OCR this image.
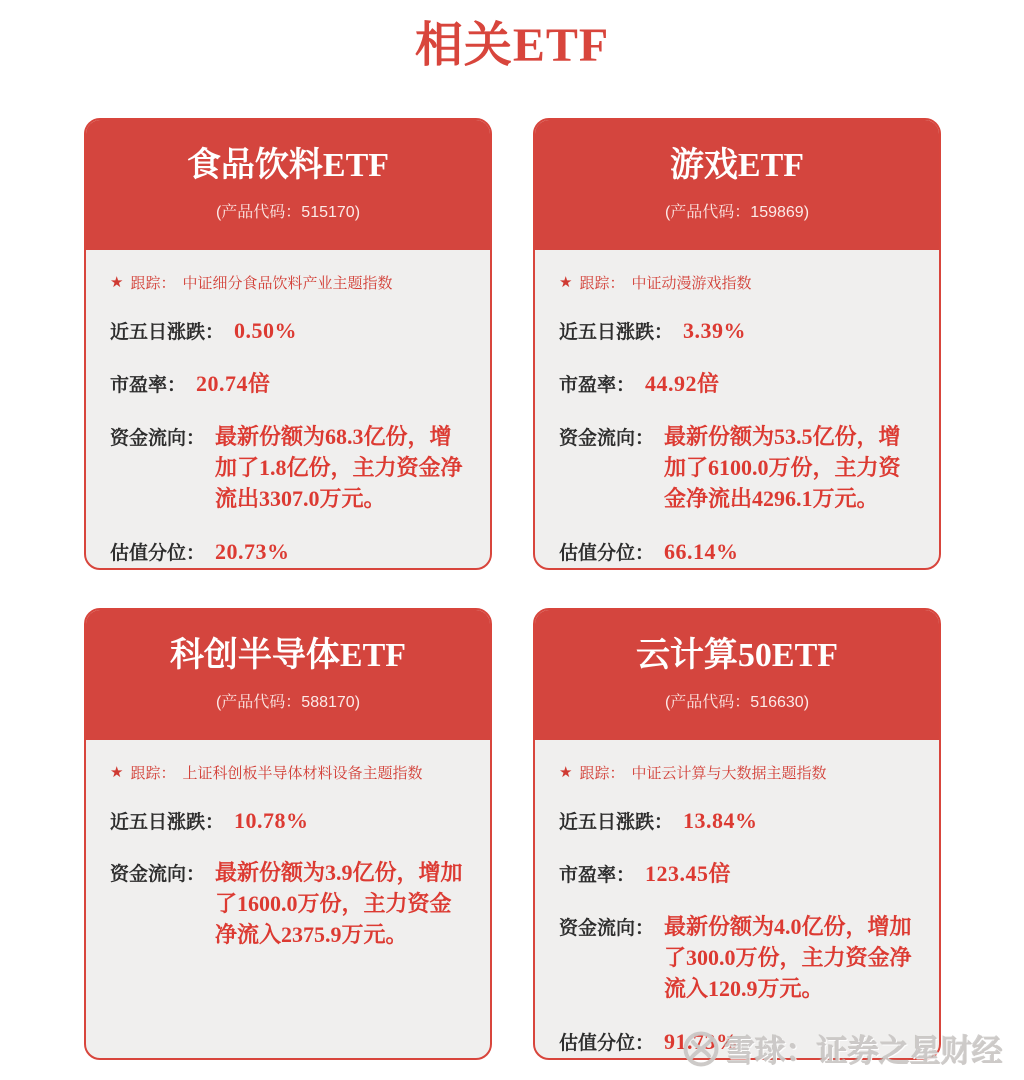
相关ETF
食品饮料ETF
(产品代码：515170)
★ 跟踪： 中证细分食品饮料产业主题指数
近五日涨跌： 0.50%
市盈率： 20.74倍
资金流向： 最新份额为68.3亿份，增加了1.8亿份，主力资金净流出3307.0万元。
估值分位： 20.73%
游戏ETF
(产品代码：159869)
★ 跟踪： 中证动漫游戏指数
近五日涨跌： 3.39%
市盈率： 44.92倍
资金流向： 最新份额为53.5亿份，增加了6100.0万份，主力资金净流出4296.1万元。
估值分位： 66.14%
科创半导体ETF
(产品代码：588170)
★ 跟踪： 上证科创板半导体材料设备主题指数
近五日涨跌： 10.78%
资金流向： 最新份额为3.9亿份，增加了1600.0万份，主力资金净流入2375.9万元。
云计算50ETF
(产品代码：516630)
★ 跟踪： 中证云计算与大数据主题指数
近五日涨跌： 13.84%
市盈率： 123.45倍
资金流向： 最新份额为4.0亿份，增加了300.0万份，主力资金净流入120.9万元。
估值分位： 91.73%
雪球：证券之星财经
